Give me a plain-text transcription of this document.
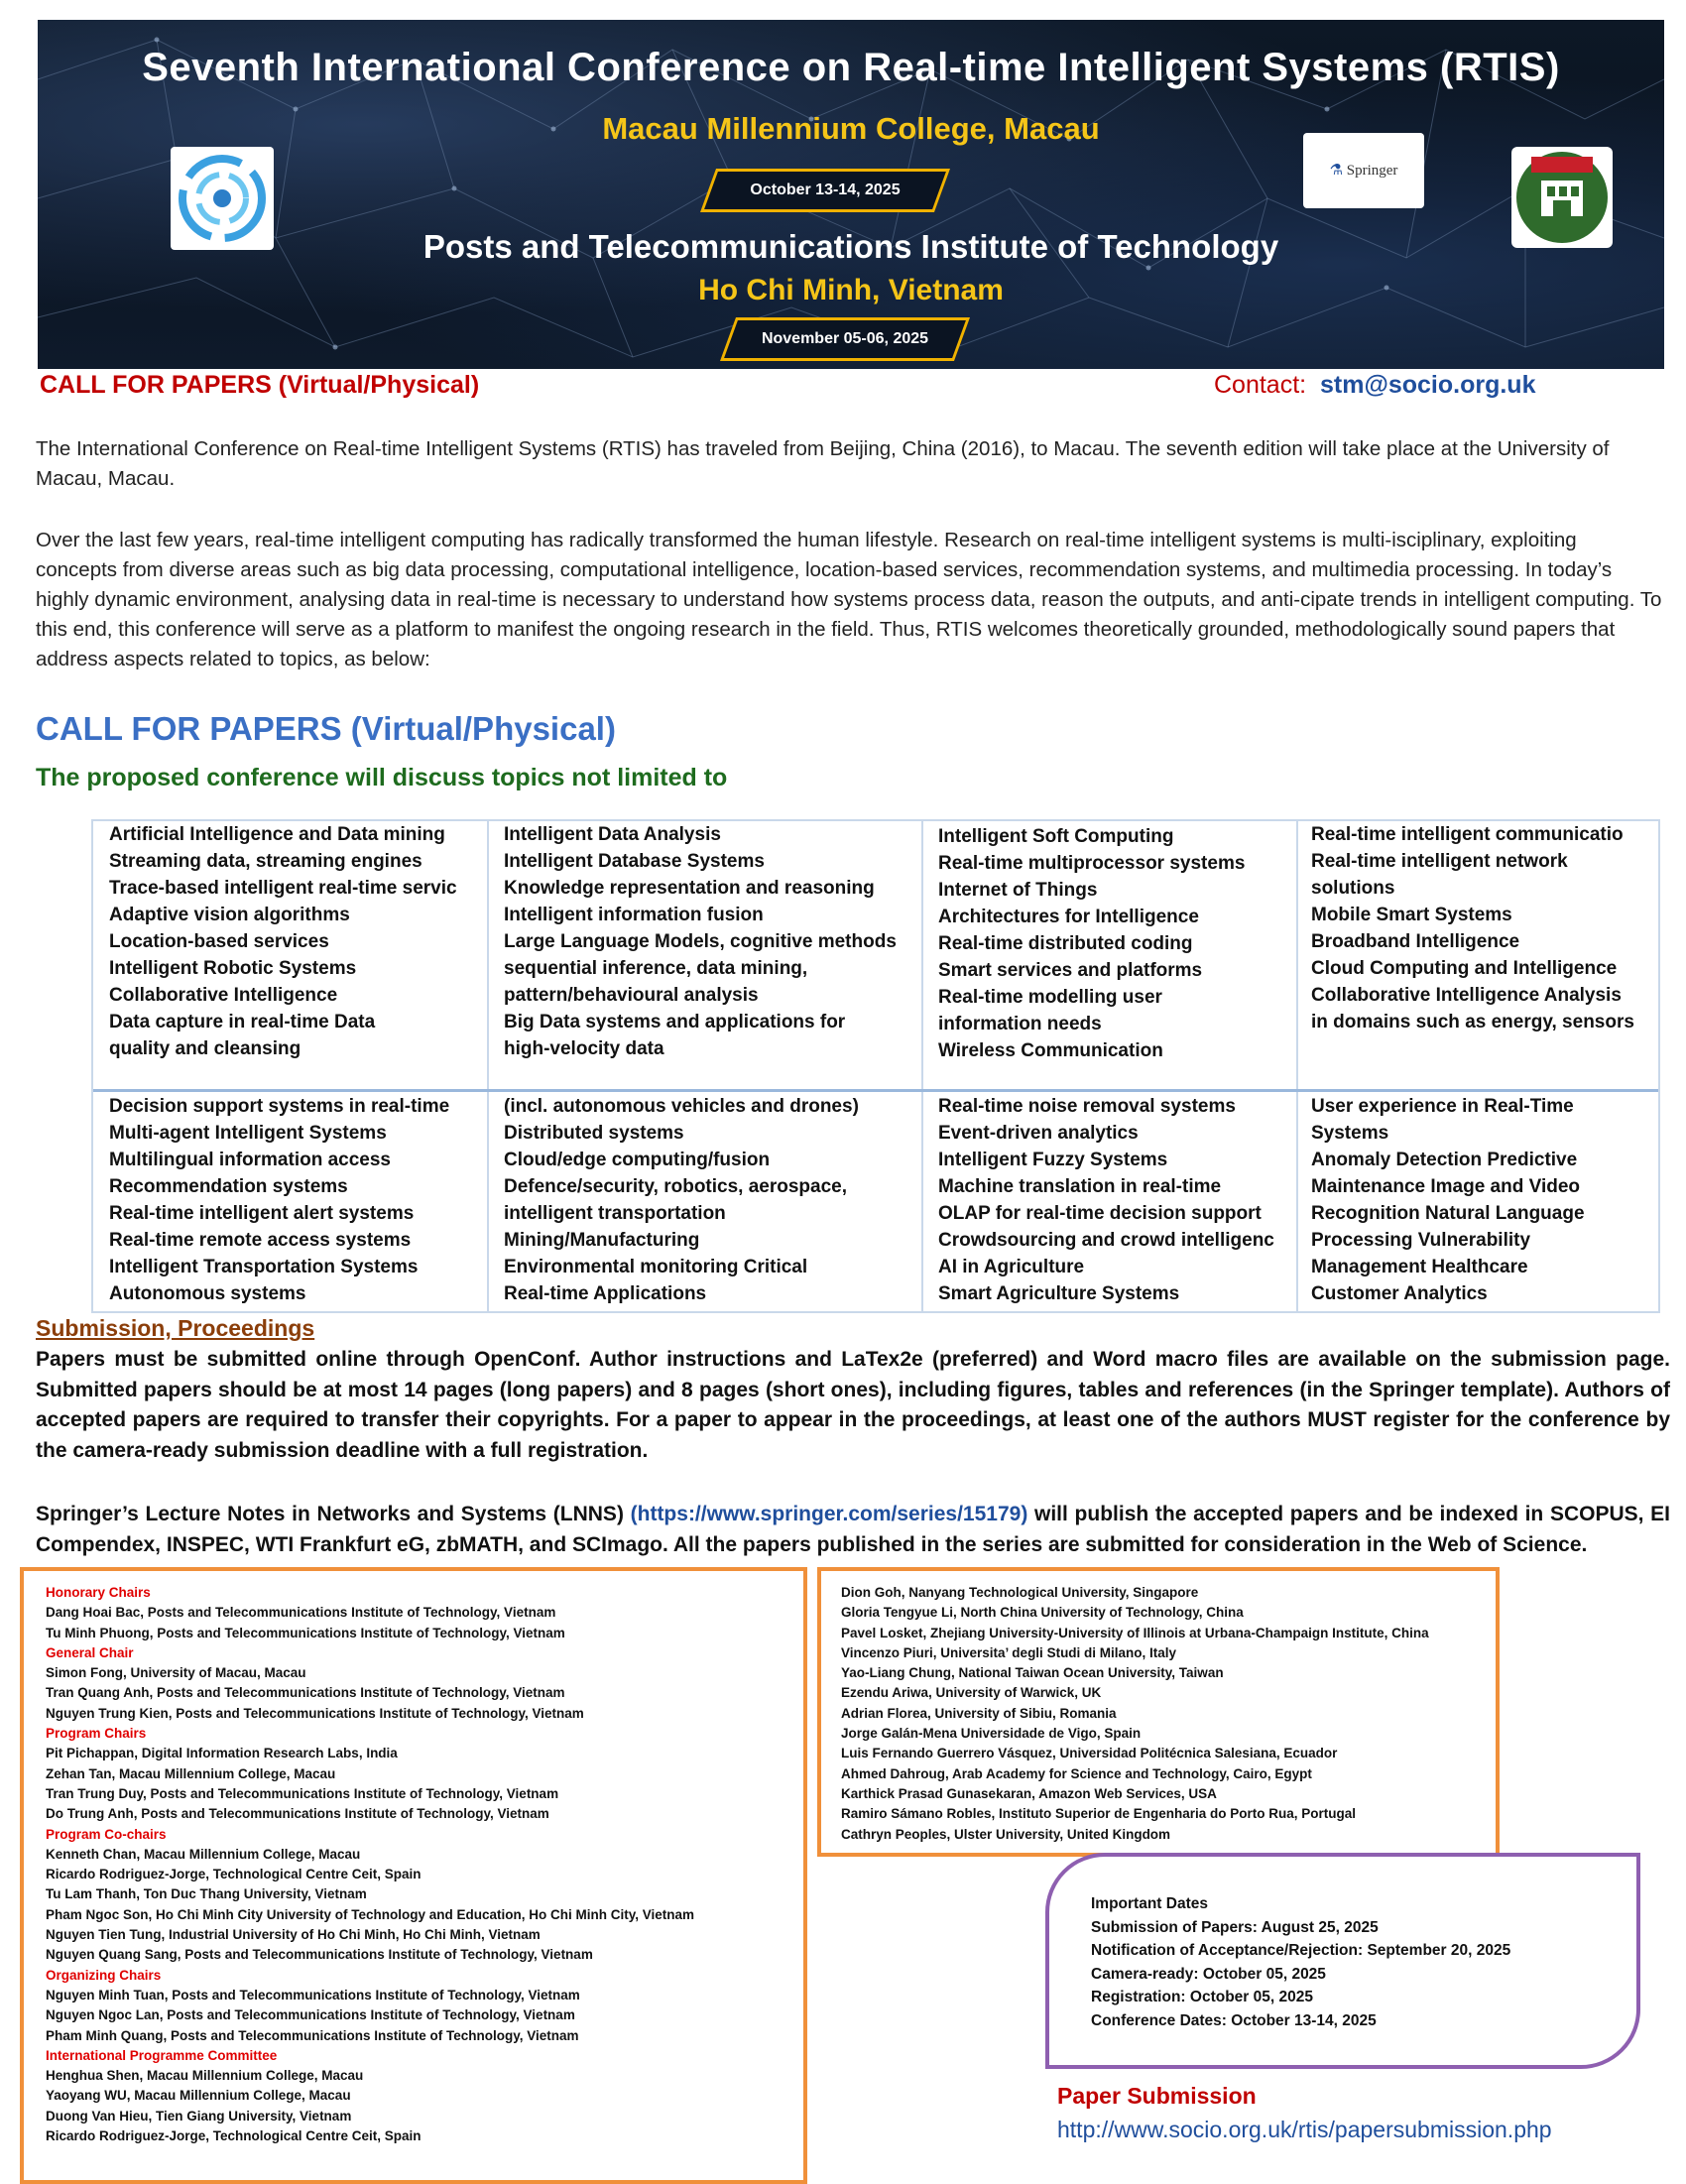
Seventh International Conference on Real-time Intelligent Systems (RTIS)
Macau Millennium College, Macau
October 13-14, 2025
Posts and Telecommunications Institute of Technology
Ho Chi Minh, Vietnam
November 05-06, 2025
⚗ Springer
CALL FOR PAPERS (Virtual/Physical)	Contact: stm@socio.org.uk
The International Conference on Real-time Intelligent Systems (RTIS) has traveled from Beijing, China (2016), to Macau. The seventh edition will take place at the University of Macau, Macau.
Over the last few years, real-time intelligent computing has radically transformed the human lifestyle. Research on real-time intelligent systems is multi-isciplinary, exploiting concepts from diverse areas such as big data processing, computational intelligence, location-based services, recommendation systems, and multimedia processing. In today’s highly dynamic environment, analysing data in real-time is necessary to understand how systems process data, reason the outputs, and anti-cipate trends in intelligent computing. To this end, this conference will serve as a platform to manifest the ongoing research in the field. Thus, RTIS welcomes theoretically grounded, methodologically sound papers that address aspects related to topics, as below:
CALL FOR PAPERS (Virtual/Physical)
The proposed conference will discuss topics not limited to
Artificial Intelligence and Data mining
Streaming data, streaming engines
Trace-based intelligent real-time servic
Adaptive vision algorithms
Location-based services
Intelligent Robotic Systems
Collaborative Intelligence
Data capture in real-time Data
quality and cleansing
Intelligent Data Analysis
Intelligent Database Systems
Knowledge representation and reasoning
Intelligent information fusion
Large Language Models, cognitive methods
sequential inference, data mining,
pattern/behavioural analysis
Big Data systems and applications for
high-velocity data
Intelligent Soft Computing
Real-time multiprocessor systems
Internet of Things
Architectures for Intelligence
Real-time distributed coding
Smart services and platforms
Real-time modelling user
information needs
Wireless Communication
Real-time intelligent communicatio
Real-time intelligent network
solutions
Mobile Smart Systems
Broadband Intelligence
Cloud Computing and Intelligence
Collaborative Intelligence Analysis
in domains such as energy, sensors
Decision support systems in real-time
Multi-agent Intelligent Systems
Multilingual information access
Recommendation systems
Real-time intelligent alert systems
Real-time remote access systems
Intelligent Transportation Systems
Autonomous systems
(incl. autonomous vehicles and drones)
Distributed systems
Cloud/edge computing/fusion
Defence/security, robotics, aerospace,
intelligent transportation
Mining/Manufacturing
Environmental monitoring Critical
Real-time Applications
Real-time noise removal systems
Event-driven analytics
Intelligent Fuzzy Systems
Machine translation in real-time
OLAP for real-time decision support
Crowdsourcing and crowd intelligenc
AI in Agriculture
Smart Agriculture Systems
User experience in Real-Time
Systems
Anomaly Detection Predictive
Maintenance Image and Video
Recognition Natural Language
Processing Vulnerability
Management Healthcare
Customer Analytics
Submission, Proceedings
Papers must be submitted online through OpenConf. Author instructions and LaTex2e (preferred) and Word macro files are available on the submission page. Submitted papers should be at most 14 pages (long papers) and 8 pages (short ones), including figures, tables and references (in the Springer template). Authors of accepted papers are required to transfer their copyrights. For a paper to appear in the proceedings, at least one of the authors MUST register for the conference by the camera-ready submission deadline with a full registration.
Springer’s Lecture Notes in Networks and Systems (LNNS) (https://www.springer.com/series/15179) will publish the accepted papers and be indexed in SCOPUS, EI Compendex, INSPEC, WTI Frankfurt eG, zbMATH, and SCImago. All the papers published in the series are submitted for consideration in the Web of Science.
Honorary Chairs
Dang Hoai Bac, Posts and Telecommunications Institute of Technology, Vietnam
Tu Minh Phuong, Posts and Telecommunications Institute of Technology, Vietnam
General Chair
Simon Fong, University of Macau, Macau
Tran Quang Anh, Posts and Telecommunications Institute of Technology, Vietnam
Nguyen Trung Kien, Posts and Telecommunications Institute of Technology, Vietnam
Program Chairs
Pit Pichappan, Digital Information Research Labs, India
Zehan Tan, Macau Millennium College, Macau
Tran Trung Duy, Posts and Telecommunications Institute of Technology, Vietnam
Do Trung Anh, Posts and Telecommunications Institute of Technology, Vietnam
Program Co-chairs
Kenneth Chan, Macau Millennium College, Macau
Ricardo Rodriguez-Jorge, Technological Centre Ceit, Spain
Tu Lam Thanh, Ton Duc Thang University, Vietnam
Pham Ngoc Son, Ho Chi Minh City University of Technology and Education, Ho Chi Minh City, Vietnam
Nguyen Tien Tung, Industrial University of Ho Chi Minh, Ho Chi Minh, Vietnam
Nguyen Quang Sang, Posts and Telecommunications Institute of Technology, Vietnam
Organizing Chairs
Nguyen Minh Tuan, Posts and Telecommunications Institute of Technology, Vietnam
Nguyen Ngoc Lan, Posts and Telecommunications Institute of Technology, Vietnam
Pham Minh Quang, Posts and Telecommunications Institute of Technology, Vietnam
International Programme Committee
Henghua Shen, Macau Millennium College, Macau
Yaoyang WU, Macau Millennium College, Macau
Duong Van Hieu, Tien Giang University, Vietnam
Ricardo Rodriguez-Jorge, Technological Centre Ceit, Spain
Dion Goh, Nanyang Technological University, Singapore
Gloria Tengyue Li, North China University of Technology, China
Pavel Losket, Zhejiang University-University of Illinois at Urbana-Champaign Institute, China
Vincenzo Piuri, Universita’ degli Studi di Milano, Italy
Yao-Liang Chung, National Taiwan Ocean University, Taiwan
Ezendu Ariwa, University of Warwick, UK
Adrian Florea, University of Sibiu, Romania
Jorge Galán-Mena Universidade de Vigo, Spain
Luis Fernando Guerrero Vásquez, Universidad Politécnica Salesiana, Ecuador
Ahmed Dahroug, Arab Academy for Science and Technology, Cairo, Egypt
Karthick Prasad Gunasekaran, Amazon Web Services, USA
Ramiro Sámano Robles, Instituto Superior de Engenharia do Porto Rua, Portugal
Cathryn Peoples, Ulster University, United Kingdom
Important Dates
Submission of Papers: August 25, 2025
Notification of Acceptance/Rejection: September 20, 2025
Camera-ready: October 05, 2025
Registration: October 05, 2025
Conference Dates: October 13-14, 2025
Paper Submission
http://www.socio.org.uk/rtis/papersubmission.php
